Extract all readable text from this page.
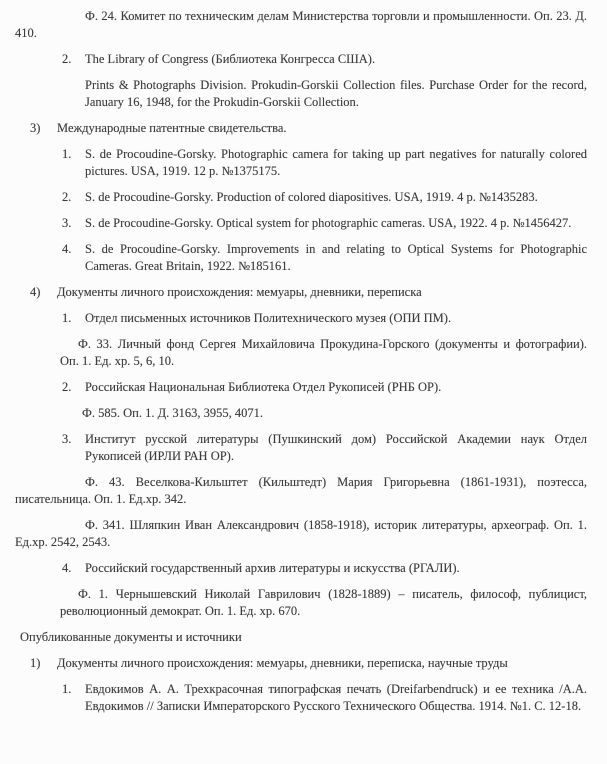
Ф. 24. Комитет по техническим делам Министерства торговли и промышленности. Оп. 23. Д. 410.
2. The Library of Congress (Библиотека Конгресса США).
Prints & Photographs Division. Prokudin-Gorskii Collection files. Purchase Order for the record, January 16, 1948, for the Prokudin-Gorskii Collection.
3) Международные патентные свидетельства.
1. S. de Procoudine-Gorsky. Photographic camera for taking up part negatives for naturally colored pictures. USA, 1919. 12 p. №1375175.
2. S. de Procoudine-Gorsky. Production of colored diapositives. USA, 1919. 4 p. №1435283.
3. S. de Procoudine-Gorsky. Optical system for photographic cameras. USA, 1922. 4 p. №1456427.
4. S. de Procoudine-Gorsky. Improvements in and relating to Optical Systems for Photographic Cameras. Great Britain, 1922. №185161.
4) Документы личного происхождения: мемуары, дневники, переписка
1. Отдел письменных источников Политехнического музея (ОПИ ПМ).
Ф. 33. Личный фонд Сергея Михайловича Прокудина-Горского (документы и фотографии). Оп. 1. Ед. хр. 5, 6, 10.
2. Российская Национальная Библиотека Отдел Рукописей (РНБ ОР).
Ф. 585. Оп. 1. Д. 3163, 3955, 4071.
3. Институт русской литературы (Пушкинский дом) Российской Академии наук Отдел Рукописей (ИРЛИ РАН ОР).
Ф. 43. Веселкова-Кильштет (Кильштедт) Мария Григорьевна (1861-1931), поэтесса, писательница. Оп. 1. Ед.хр. 342.
Ф. 341. Шляпкин Иван Александрович (1858-1918), историк литературы, археограф. Оп. 1. Ед.хр. 2542, 2543.
4. Российский государственный архив литературы и искусства (РГАЛИ).
Ф. 1. Чернышевский Николай Гаврилович (1828-1889) – писатель, философ, публицист, революционный демократ. Оп. 1. Ед. хр. 670.
Опубликованные документы и источники
1) Документы личного происхождения: мемуары, дневники, переписка, научные труды
1. Евдокимов А. А. Трехкрасочная типографская печать (Dreifarbendruck) и ее техника /А.А. Евдокимов // Записки Императорского Русского Технического Общества. 1914. №1. С. 12-18.
